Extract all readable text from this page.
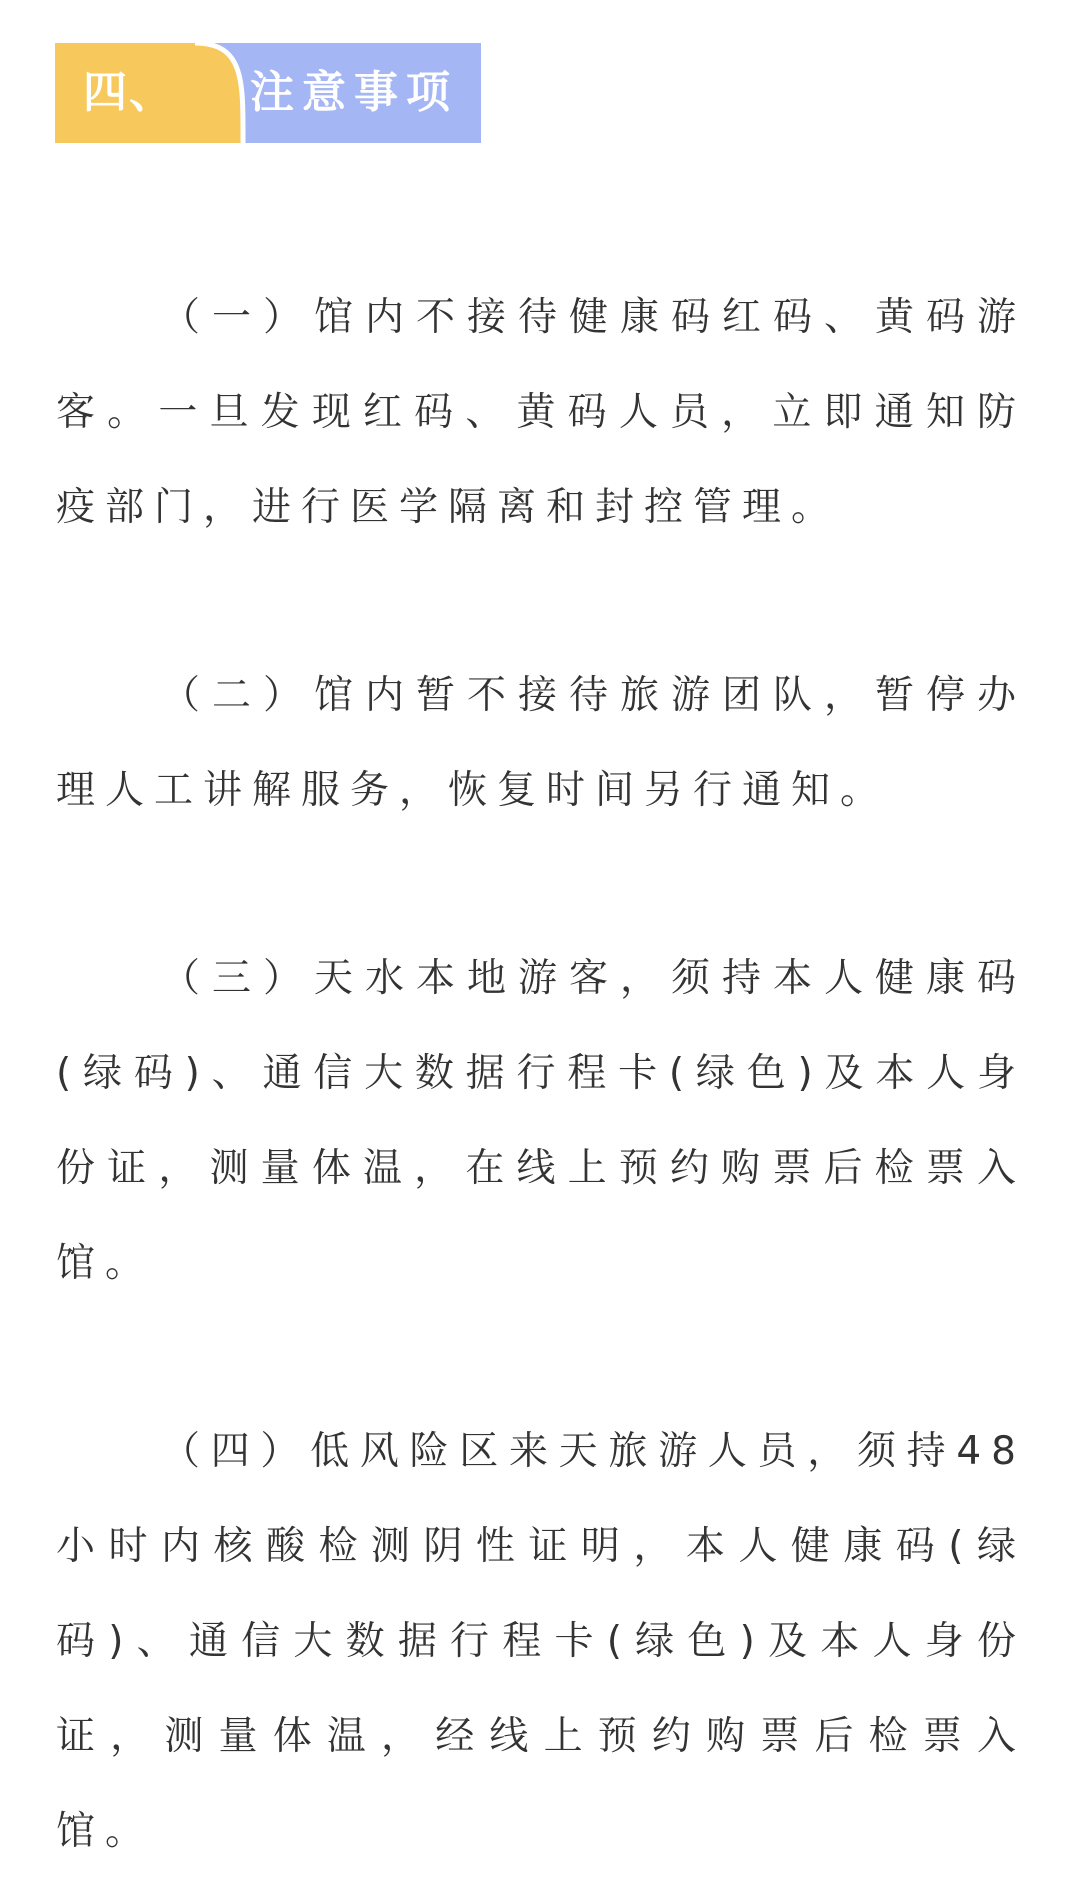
四、 注意事项

（一）馆内不接待健康码红码、黄码游客。一旦发现红码、黄码人员，立即通知防疫部门，进行医学隔离和封控管理。

（二）馆内暂不接待旅游团队，暂停办理人工讲解服务，恢复时间另行通知。

（三）天水本地游客，须持本人健康码(绿码)、通信大数据行程卡(绿色)及本人身份证，测量体温，在线上预约购票后检票入馆。

（四）低风险区来天旅游人员，须持48小时内核酸检测阴性证明，本人健康码(绿码)、通信大数据行程卡(绿色)及本人身份证，测量体温，经线上预约购票后检票入馆。
